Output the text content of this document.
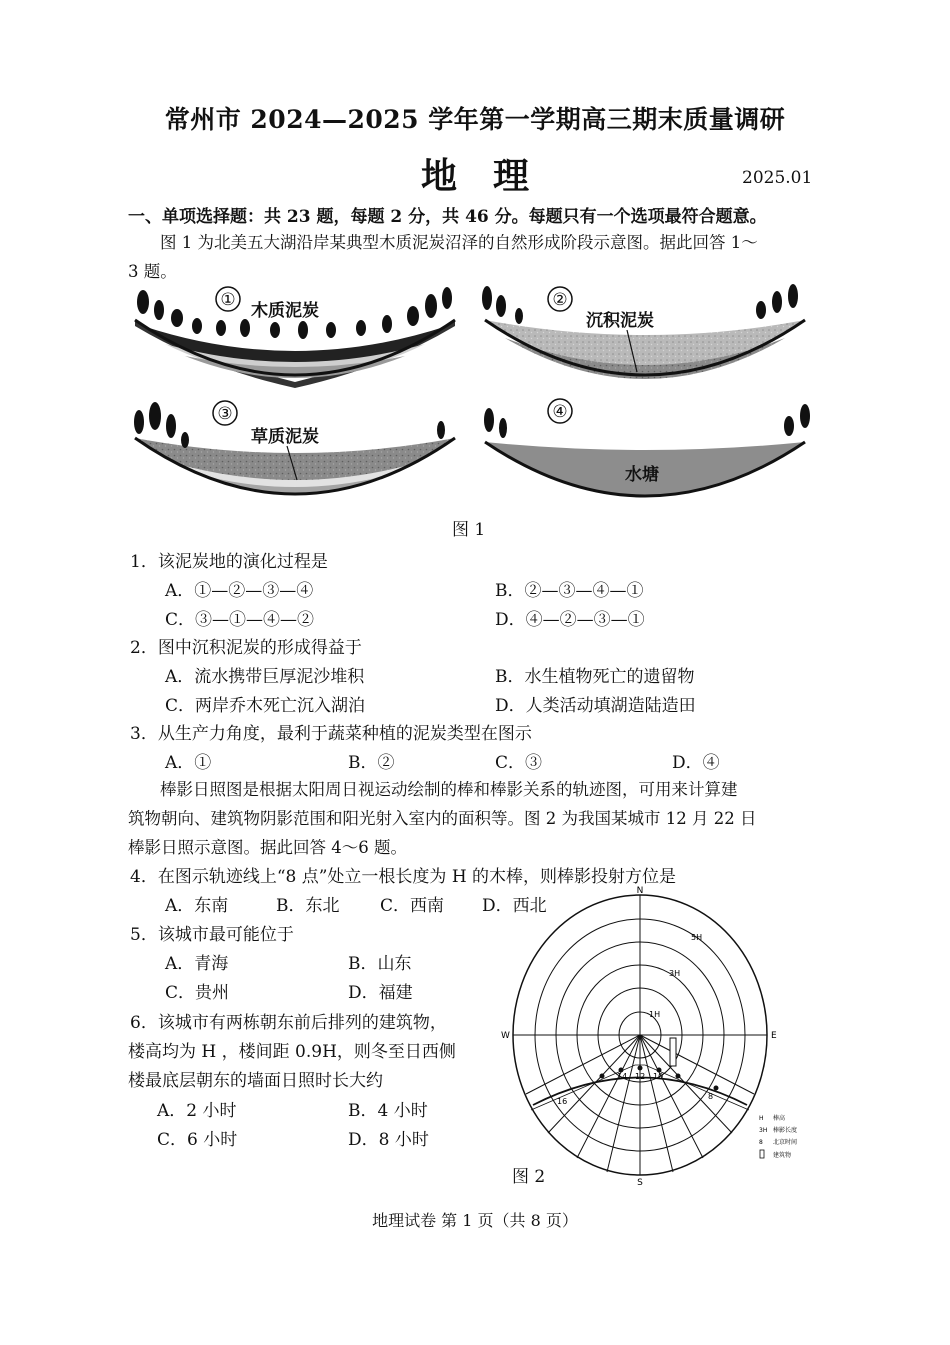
常州市 2024—2025 学年第一学期高三期末质量调研
地理	2025.01
一、单项选择题：共 23 题，每题 2 分，共 46 分。每题只有一个选项最符合题意。
图 1 为北美五大湖沿岸某典型木质泥炭沼泽的自然形成阶段示意图。据此回答 1～
3 题。
①
木质泥炭
②
沉积泥炭
③
草质泥炭
④
水塘
图 1
1．该泥炭地的演化过程是
A．①—②—③—④	B．②—③—④—①
C．③—①—④—②	D．④—②—③—①
2．图中沉积泥炭的形成得益于
A．流水携带巨厚泥沙堆积	B．水生植物死亡的遗留物
C．两岸乔木死亡沉入湖泊	D．人类活动填湖造陆造田
3．从生产力角度，最利于蔬菜种植的泥炭类型在图示
A．①	B．②	C．③	D．④
棒影日照图是根据太阳周日视运动绘制的棒和棒影关系的轨迹图，可用来计算建
筑物朝向、建筑物阴影范围和阳光射入室内的面积等。图 2 为我国某城市 12 月 22 日
棒影日照示意图。据此回答 4～6 题。
4．在图示轨迹线上“8 点”处立一根长度为 H 的木棒，则棒影投射方位是
A．东南	B．东北 C．西南 D．西北
5．该城市最可能位于
A．青海	B．山东
C．贵州	D．福建
6．该城市有两栋朝东前后排列的建筑物，
楼高均为 H ，楼间距 0.9H，则冬至日西侧
楼最底层朝东的墙面日照时长大约
A．2 小时	B．4 小时
C．6 小时	D．8 小时
N
S
E
W
1H
3H
5H
16
14 12 10
8
H 棒高
3H 棒影长度
8 北京时间
建筑物
图 2
地理试卷 第 1 页（共 8 页）
